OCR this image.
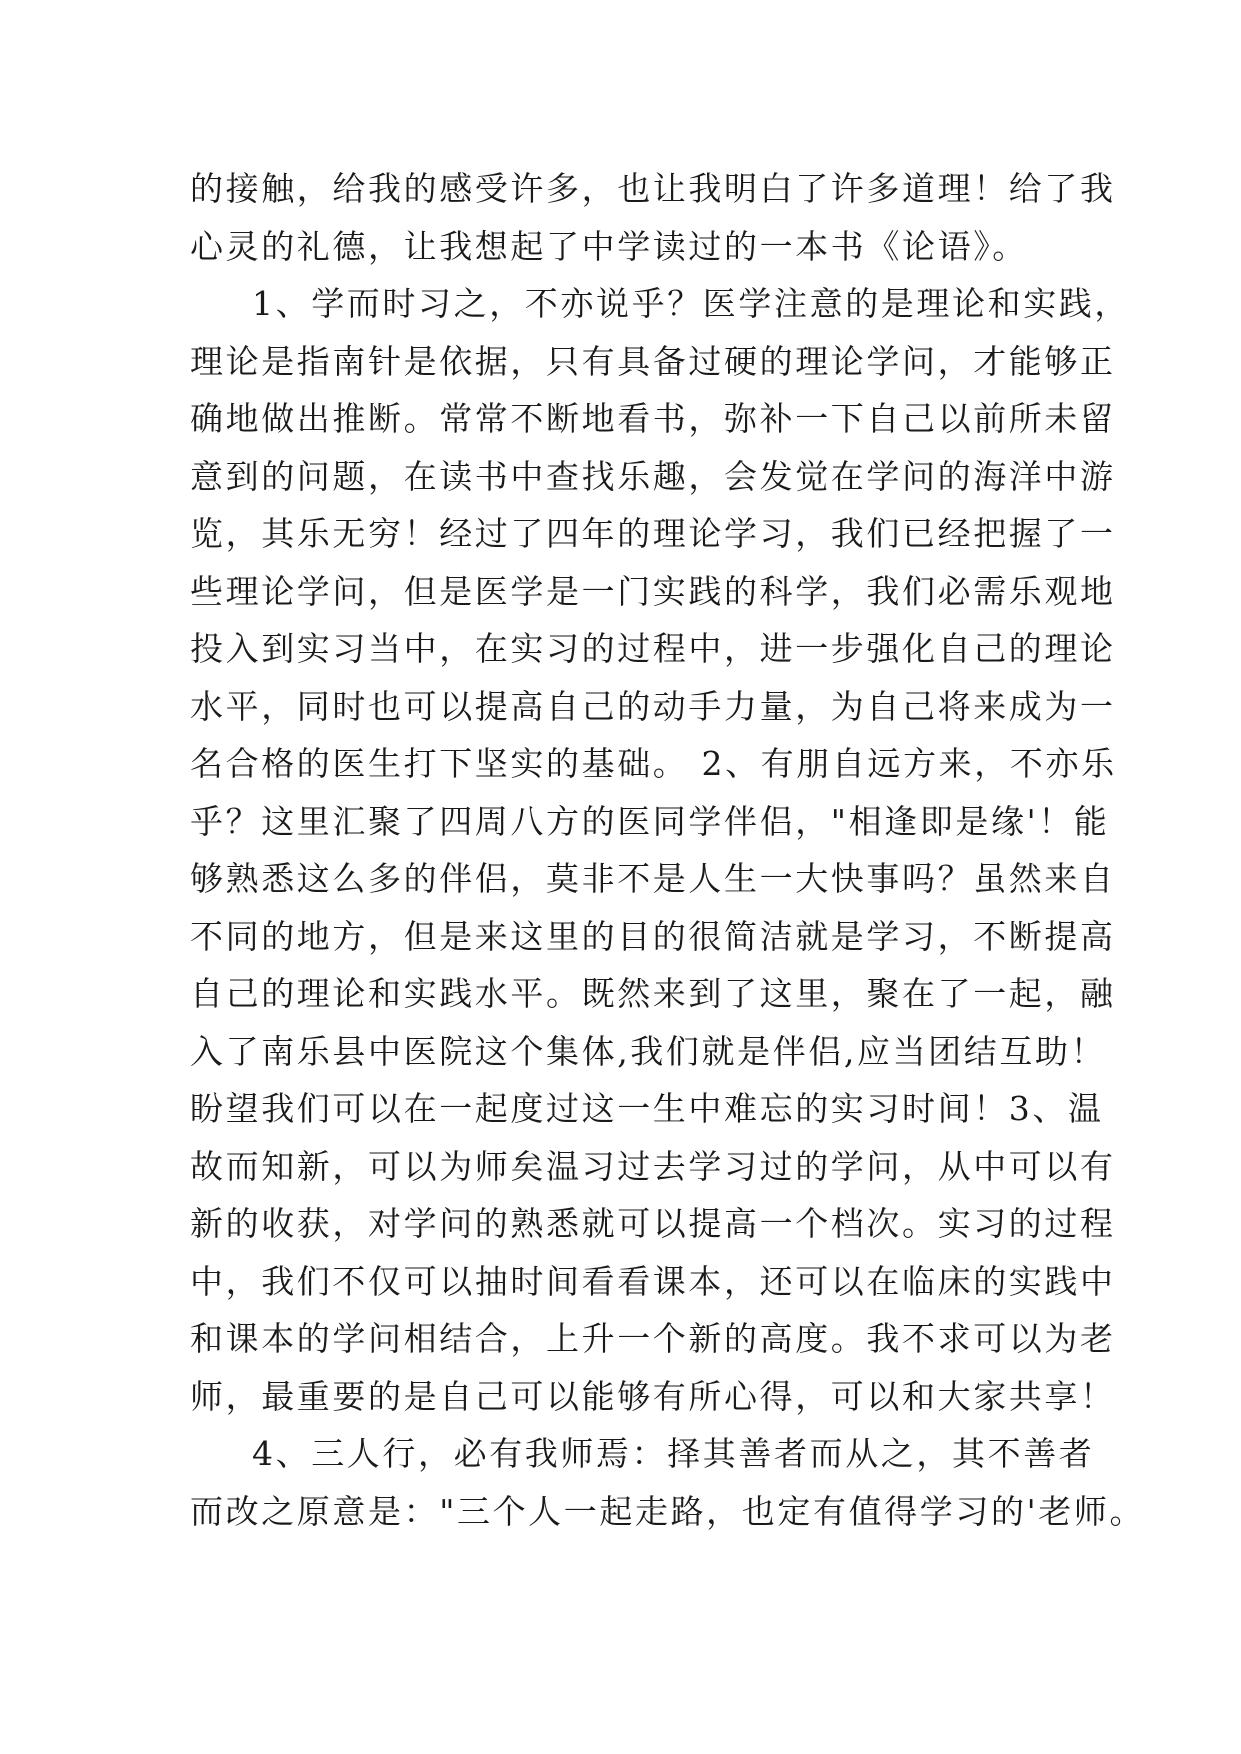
的接触，给我的感受许多，也让我明白了许多道理！给了我
心灵的礼德，让我想起了中学读过的一本书《论语》。
1、学而时习之，不亦说乎？医学注意的是理论和实践，
理论是指南针是依据，只有具备过硬的理论学问，才能够正
确地做出推断。常常不断地看书，弥补一下自己以前所未留
意到的问题，在读书中查找乐趣，会发觉在学问的海洋中游
览，其乐无穷！经过了四年的理论学习，我们已经把握了一
些理论学问，但是医学是一门实践的科学，我们必需乐观地
投入到实习当中，在实习的过程中，进一步强化自己的理论
水平，同时也可以提高自己的动手力量，为自己将来成为一
名合格的医生打下坚实的基础。 2、有朋自远方来，不亦乐
乎？这里汇聚了四周八方的医同学伴侣，"相逢即是缘'！能
够熟悉这么多的伴侣，莫非不是人生一大快事吗？虽然来自
不同的地方，但是来这里的目的很简洁就是学习，不断提高
自己的理论和实践水平。既然来到了这里，聚在了一起，融
入了南乐县中医院这个集体,我们就是伴侣,应当团结互助！
盼望我们可以在一起度过这一生中难忘的实习时间！3、温
故而知新，可以为师矣温习过去学习过的学问，从中可以有
新的收获，对学问的熟悉就可以提高一个档次。实习的过程
中，我们不仅可以抽时间看看课本，还可以在临床的实践中
和课本的学问相结合，上升一个新的高度。我不求可以为老
师，最重要的是自己可以能够有所心得，可以和大家共享！
4、三人行，必有我师焉：择其善者而从之，其不善者
而改之原意是："三个人一起走路，也定有值得学习的'老师。
